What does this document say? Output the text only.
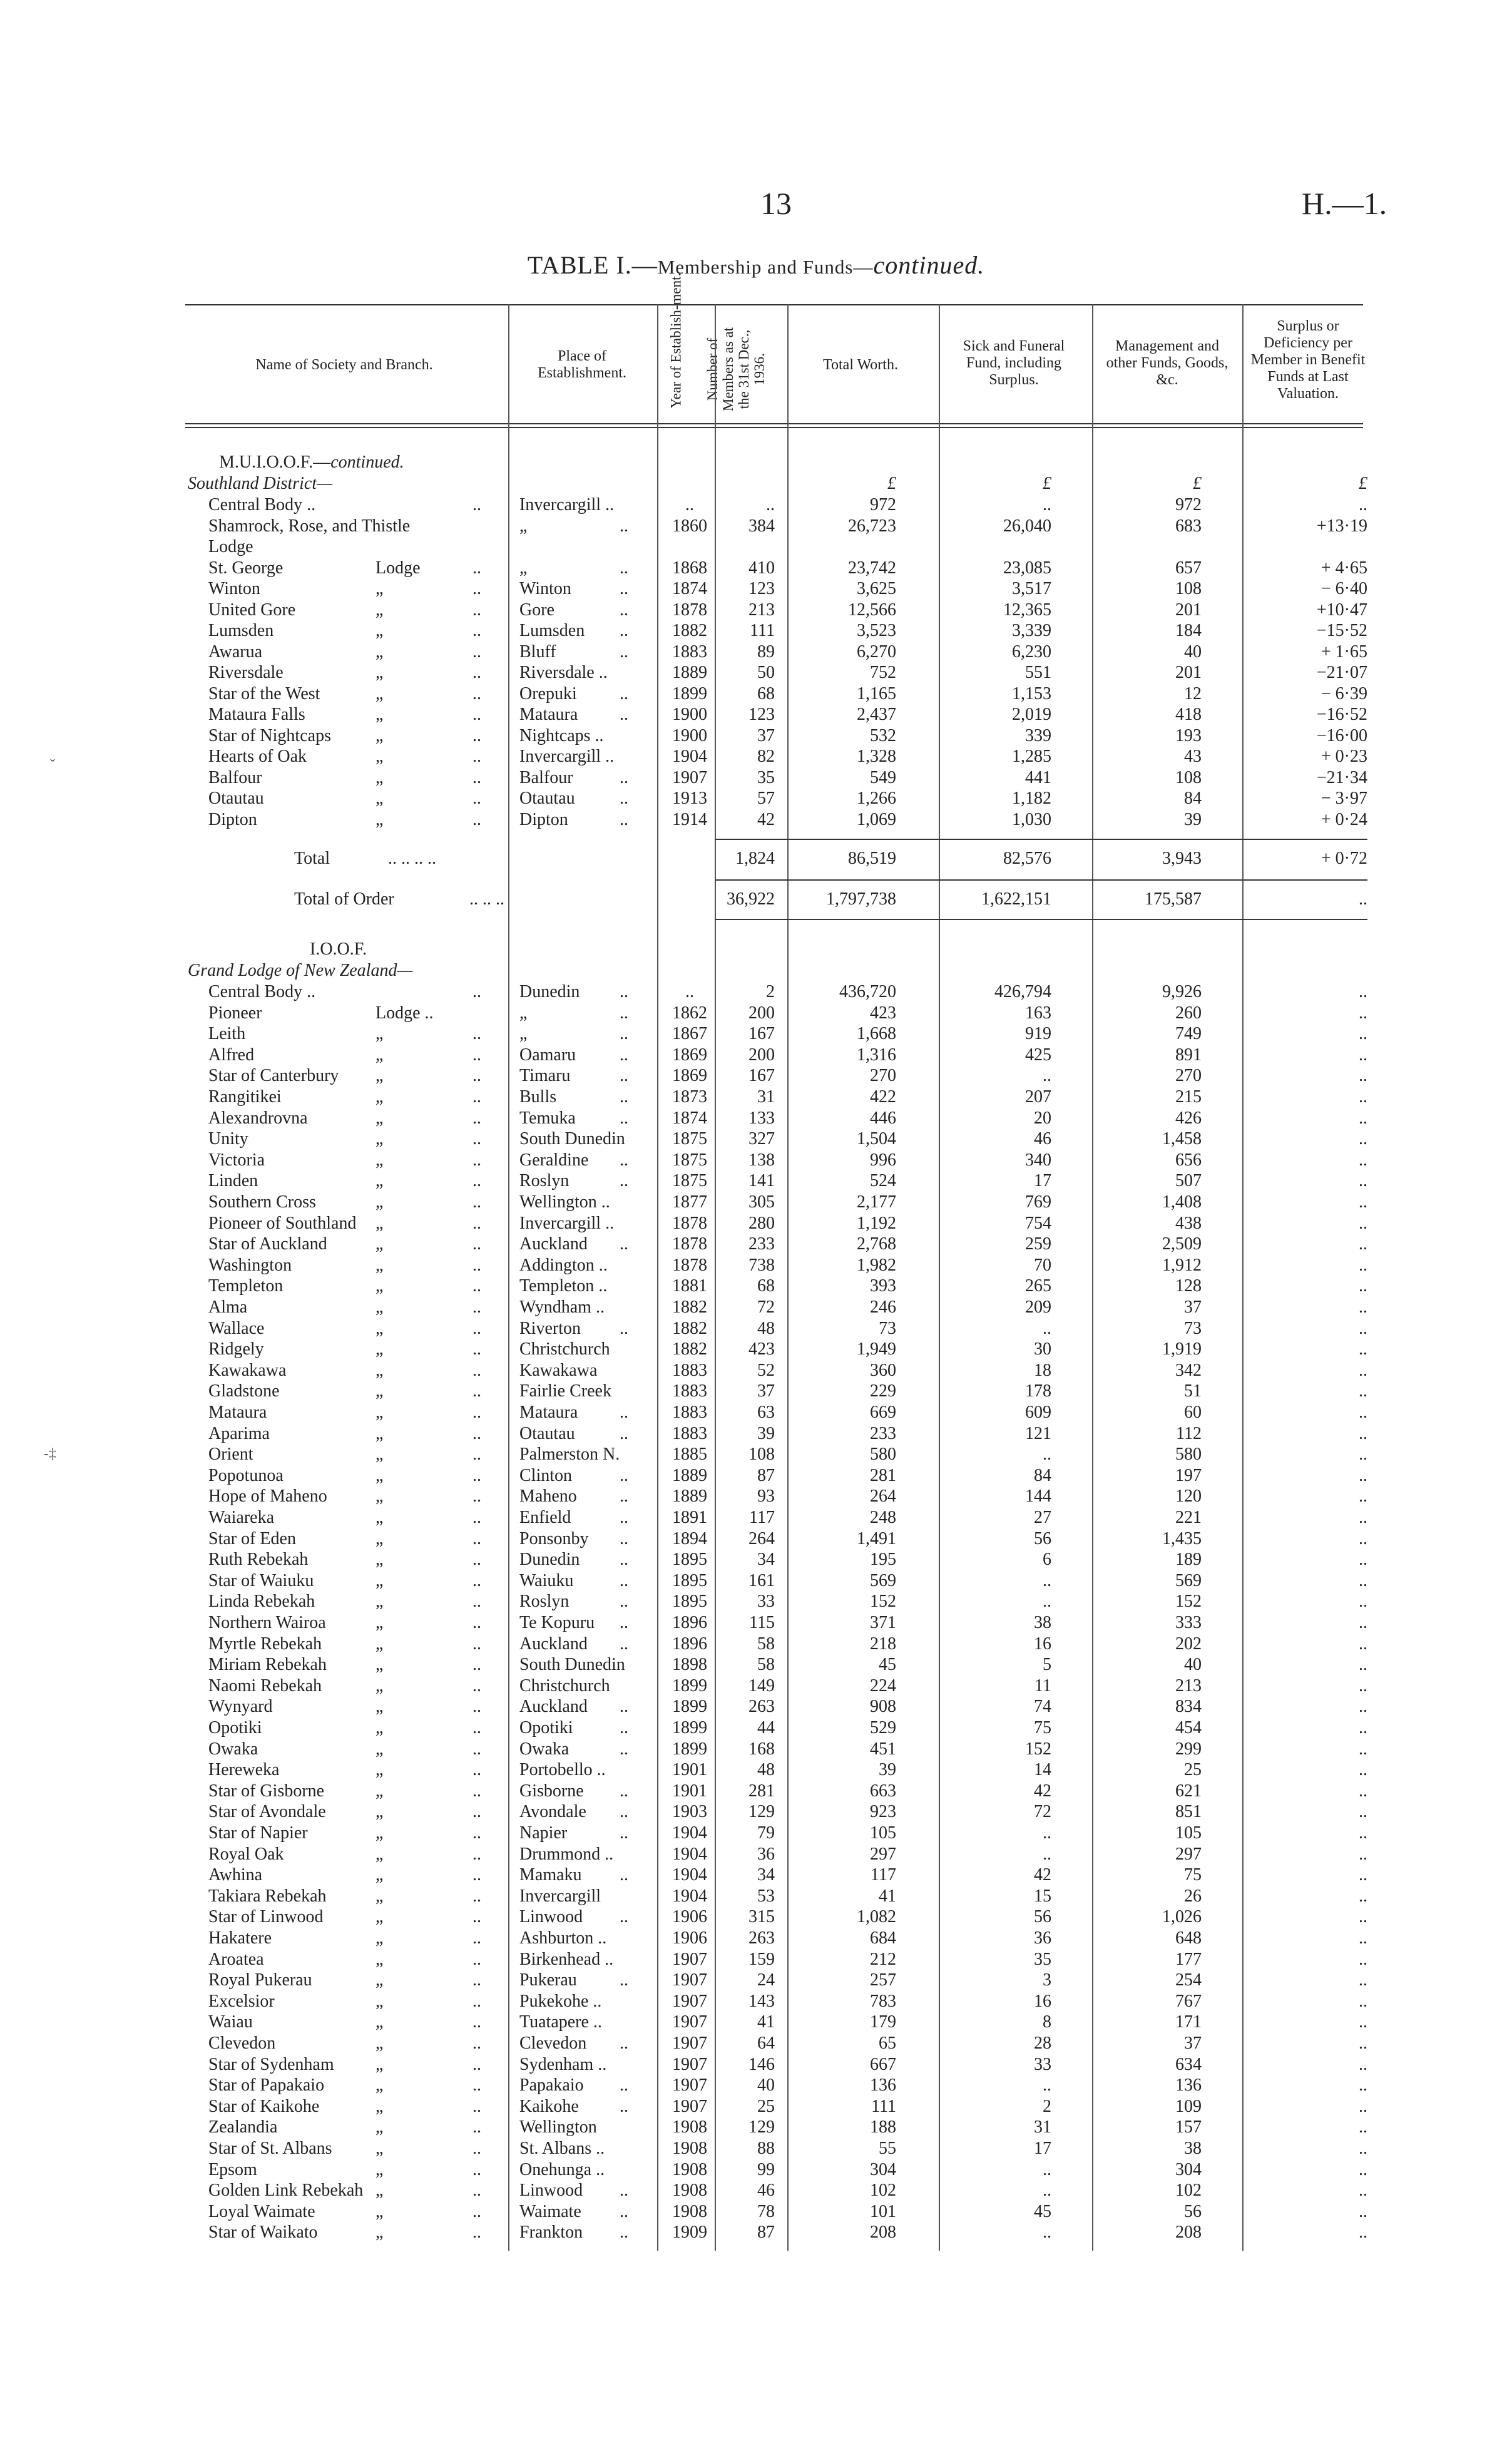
13	H.—1.
TABLE I.—Membership and Funds—continued.
Name of Society and Branch.
Place of Establishment.	Year of Establish-ment. Number of Members as at the 31st Dec., 1936.	Total Worth.
Sick and Funeral Fund, including Surplus.
Management and other Funds, Goods, &c.
Surplus or Deficiency per Member in Benefit Funds at Last Valuation.
ˇ
-‡
M.U.I.O.O.F.—continued.
Southland District—	£	£	£	£
Central Body ..	.. Invercargill ..	..	..	972	..	972	..
Shamrock, Rose, and Thistle	„	..	1860	384	26,723	26,040	683	+13·19
Lodge
St. George	Lodge	.. „	..	1868	410	23,742	23,085	657	+ 4·65
Winton	„	.. Winton	..	1874	123	3,625	3,517	108	− 6·40
United Gore	„	.. Gore	..	1878	213	12,566	12,365	201	+10·47
Lumsden	„	.. Lumsden ..	1882	111	3,523	3,339	184	−15·52
Awarua	„	.. Bluff	..	1883	89	6,270	6,230	40	+ 1·65
Riversdale	„	.. Riversdale ..	1889	50	752	551	201	−21·07
Star of the West	„	.. Orepuki ..	1899	68	1,165	1,153	12	− 6·39
Mataura Falls	„	.. Mataura ..	1900	123	2,437	2,019	418	−16·52
Star of Nightcaps	„	.. Nightcaps ..	1900	37	532	339	193	−16·00
Hearts of Oak	„	.. Invercargill ..	1904	82	1,328	1,285	43	+ 0·23
Balfour	„	.. Balfour	..	1907	35	549	441	108	−21·34
Otautau	„	.. Otautau	..	1913	57	1,266	1,182	84	− 3·97
Dipton	„	.. Dipton	..	1914	42	1,069	1,030	39	+ 0·24
Total	.. .. .. ..	1,824	86,519	82,576	3,943	+ 0·72
Total of Order	.. .. ..	36,922	1,797,738	1,622,151	175,587	..
I.O.O.F.
Grand Lodge of New Zealand—
Central Body ..	.. Dunedin ..	..	2	436,720	426,794	9,926	..
Pioneer	Lodge ..	„	..	1862	200	423	163	260	..
Leith	„	.. „	..	1867	167	1,668	919	749	..
Alfred	„	.. Oamaru ..	1869	200	1,316	425	891	..
Star of Canterbury „	.. Timaru	..	1869	167	270	..	270	..
Rangitikei	„	.. Bulls	..	1873	31	422	207	215	..
Alexandrovna	„	.. Temuka	..	1874	133	446	20	426	..
Unity	„	.. South Dunedin	1875	327	1,504	46	1,458	..
Victoria	„	.. Geraldine ..	1875	138	996	340	656	..
Linden	„	.. Roslyn	..	1875	141	524	17	507	..
Southern Cross	„	.. Wellington ..	1877	305	2,177	769	1,408	..
Pioneer of Southland „	.. Invercargill ..	1878	280	1,192	754	438	..
Star of Auckland	„	.. Auckland ..	1878	233	2,768	259	2,509	..
Washington	„	.. Addington ..	1878	738	1,982	70	1,912	..
Templeton	„	.. Templeton ..	1881	68	393	265	128	..
Alma	„	.. Wyndham ..	1882	72	246	209	37	..
Wallace	„	.. Riverton ..	1882	48	73	..	73	..
Ridgely	„	.. Christchurch	1882	423	1,949	30	1,919	..
Kawakawa	„	.. Kawakawa	1883	52	360	18	342	..
Gladstone	„	.. Fairlie Creek	1883	37	229	178	51	..
Mataura	„	.. Mataura ..	1883	63	669	609	60	..
Aparima	„	.. Otautau	..	1883	39	233	121	112	..
Orient	„	.. Palmerston N.	1885	108	580	..	580	..
Popotunoa	„	.. Clinton	..	1889	87	281	84	197	..
Hope of Maheno	„	.. Maheno ..	1889	93	264	144	120	..
Waiareka	„	.. Enfield	..	1891	117	248	27	221	..
Star of Eden	„	.. Ponsonby ..	1894	264	1,491	56	1,435	..
Ruth Rebekah	„	.. Dunedin ..	1895	34	195	6	189	..
Star of Waiuku	„	.. Waiuku	..	1895	161	569	..	569	..
Linda Rebekah	„	.. Roslyn	..	1895	33	152	..	152	..
Northern Wairoa	„	.. Te Kopuru ..	1896	115	371	38	333	..
Myrtle Rebekah	„	.. Auckland ..	1896	58	218	16	202	..
Miriam Rebekah	„	.. South Dunedin	1898	58	45	5	40	..
Naomi Rebekah	„	.. Christchurch	1899	149	224	11	213	..
Wynyard	„	.. Auckland ..	1899	263	908	74	834	..
Opotiki	„	.. Opotiki	..	1899	44	529	75	454	..
Owaka	„	.. Owaka	..	1899	168	451	152	299	..
Hereweka	„	.. Portobello ..	1901	48	39	14	25	..
Star of Gisborne	„	.. Gisborne ..	1901	281	663	42	621	..
Star of Avondale	„	.. Avondale ..	1903	129	923	72	851	..
Star of Napier	„	.. Napier	..	1904	79	105	..	105	..
Royal Oak	„	.. Drummond ..	1904	36	297	..	297	..
Awhina	„	.. Mamaku ..	1904	34	117	42	75	..
Takiara Rebekah	„	.. Invercargill	1904	53	41	15	26	..
Star of Linwood	„	.. Linwood ..	1906	315	1,082	56	1,026	..
Hakatere	„	.. Ashburton ..	1906	263	684	36	648	..
Aroatea	„	.. Birkenhead ..	1907	159	212	35	177	..
Royal Pukerau	„	.. Pukerau ..	1907	24	257	3	254	..
Excelsior	„	.. Pukekohe ..	1907	143	783	16	767	..
Waiau	„	.. Tuatapere ..	1907	41	179	8	171	..
Clevedon	„	.. Clevedon ..	1907	64	65	28	37	..
Star of Sydenham „	.. Sydenham ..	1907	146	667	33	634	..
Star of Papakaio	„	.. Papakaio ..	1907	40	136	..	136	..
Star of Kaikohe	„	.. Kaikohe ..	1907	25	111	2	109	..
Zealandia	„	.. Wellington	1908	129	188	31	157	..
Star of St. Albans „	.. St. Albans ..	1908	88	55	17	38	..
Epsom	„	.. Onehunga ..	1908	99	304	..	304	..
Golden Link Rebekah „	.. Linwood ..	1908	46	102	..	102	..
Loyal Waimate	„	.. Waimate ..	1908	78	101	45	56	..
Star of Waikato	„	.. Frankton ..	1909	87	208	..	208	..
